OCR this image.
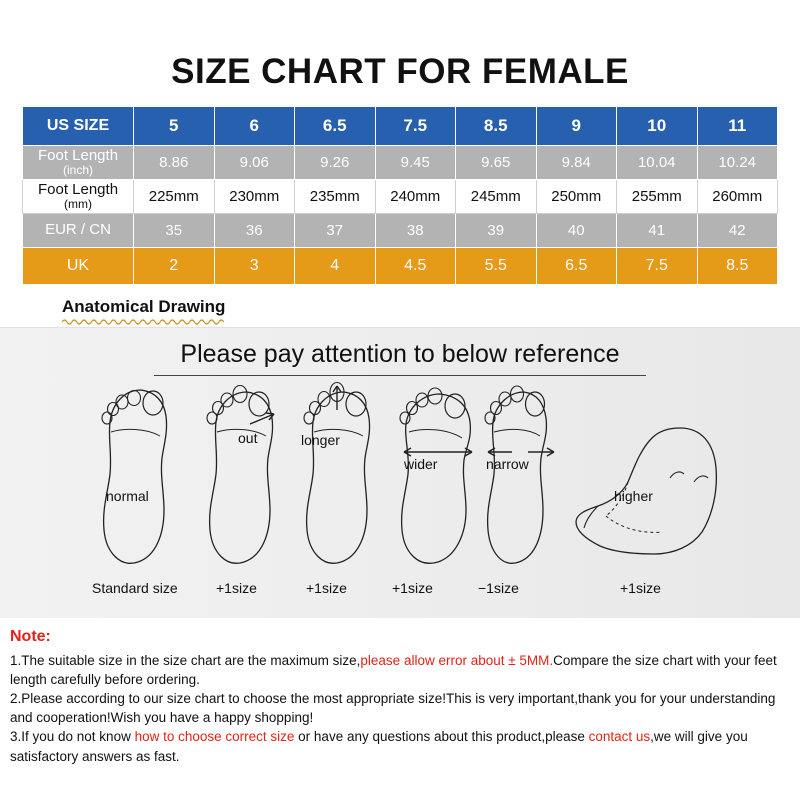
SIZE CHART FOR FEMALE
US SIZE	5	6	6.5	7.5	8.5	9	10	11
Foot Length
(inch)	8.86	9.06	9.26	9.45	9.65	9.84	10.04	10.24
Foot Length
(mm)	225mm	230mm	235mm	240mm	245mm	250mm	255mm	260mm
EUR / CN	35	36	37	38	39	40	41	42
UK	2	3	4	4.5	5.5	6.5	7.5	8.5
Anatomical Drawing
Please pay attention to below reference
normal
out	longer
wider	narrow
higher
Standard size	+1size	+1size	+1size	−1size	+1size
Note:

1.The suitable size in the size chart are the maximum size,please allow error about ± 5MM.Compare the size chart with your feet length carefully before ordering.

2.Please according to our size chart to choose the most appropriate size!This is very important,thank you for your understanding and cooperation!Wish you have a happy shopping!

3.If you do not know how to choose correct size or have any questions about this product,please contact us,we will give you satisfactory answers as fast.
